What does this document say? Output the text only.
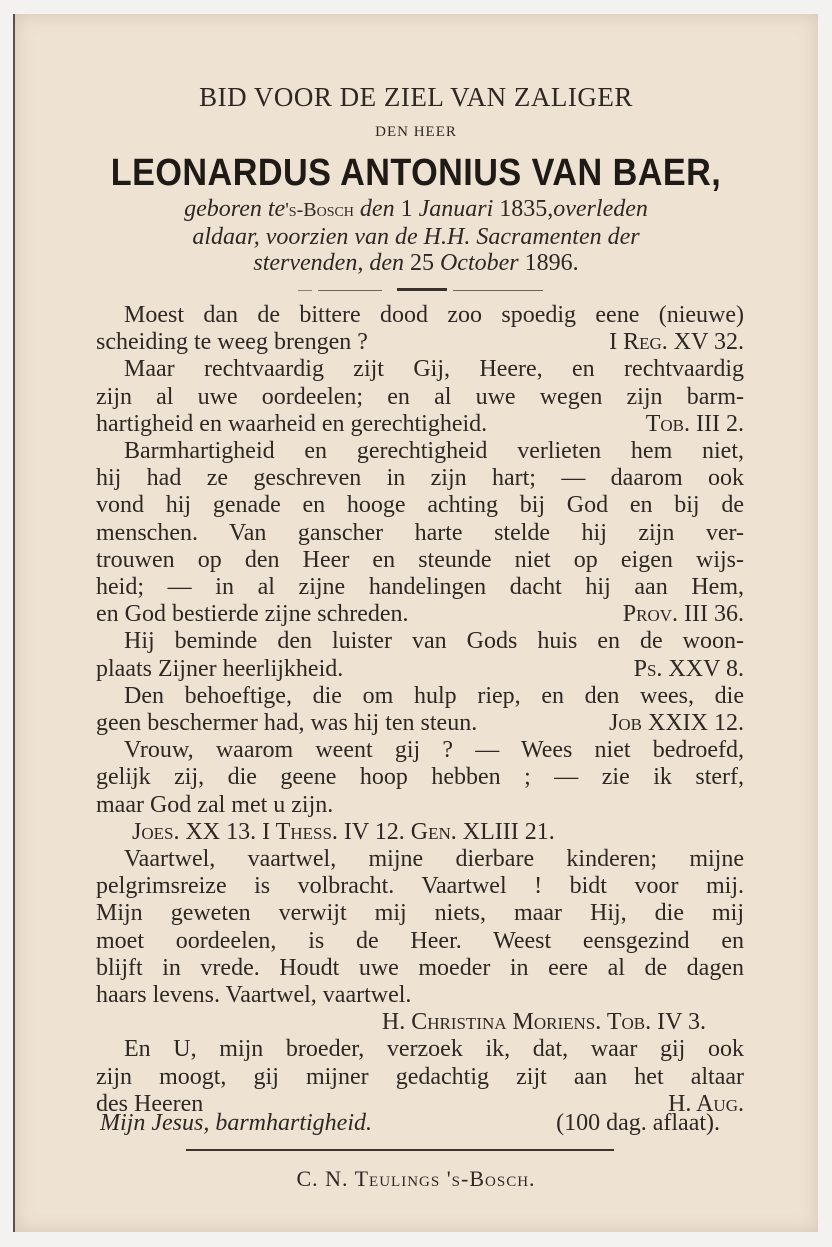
BID VOOR DE ZIEL VAN ZALIGER
DEN HEER
LEONARDUS ANTONIUS VAN BAER,
geboren te's-Bosch den 1 Januari 1835,overleden
aldaar, voorzien van de H.H. Sacramenten der
stervenden, den 25 October 1896.
Moest dan de bittere dood zoo spoedig eene (nieuwe)
scheiding te weeg brengen ?	I Reg. XV 32.
Maar rechtvaardig zijt Gij, Heere, en rechtvaardig
zijn al uwe oordeelen; en al uwe wegen zijn barm-
hartigheid en waarheid en gerechtigheid.	Tob. III 2.
Barmhartigheid en gerechtigheid verlieten hem niet,
hij had ze geschreven in zijn hart; — daarom ook
vond hij genade en hooge achting bij God en bij de
menschen. Van ganscher harte stelde hij zijn ver-
trouwen op den Heer en steunde niet op eigen wijs-
heid; — in al zijne handelingen dacht hij aan Hem,
en God bestierde zijne schreden.	Prov. III 36.
Hij beminde den luister van Gods huis en de woon-
plaats Zijner heerlijkheid.	Ps. XXV 8.
Den behoeftige, die om hulp riep, en den wees, die
geen beschermer had, was hij ten steun.	Job XXIX 12.
Vrouw, waarom weent gij ? — Wees niet bedroefd,
gelijk zij, die geene hoop hebben ; — zie ik sterf,
maar God zal met u zijn.
Joes. XX 13. I Thess. IV 12. Gen. XLIII 21.
Vaartwel, vaartwel, mijne dierbare kinderen; mijne
pelgrimsreize is volbracht. Vaartwel ! bidt voor mij.
Mijn geweten verwijt mij niets, maar Hij, die mij
moet oordeelen, is de Heer. Weest eensgezind en
blijft in vrede. Houdt uwe moeder in eere al de dagen
haars levens. Vaartwel, vaartwel.
H. Christina Moriens. Tob. IV 3.
En U, mijn broeder, verzoek ik, dat, waar gij ook
zijn moogt, gij mijner gedachtig zijt aan het altaar
des Heeren	H. Aug.
Mijn Jesus, barmhartigheid.	(100 dag. aflaat).
C. N. Teulings 's-Bosch.
